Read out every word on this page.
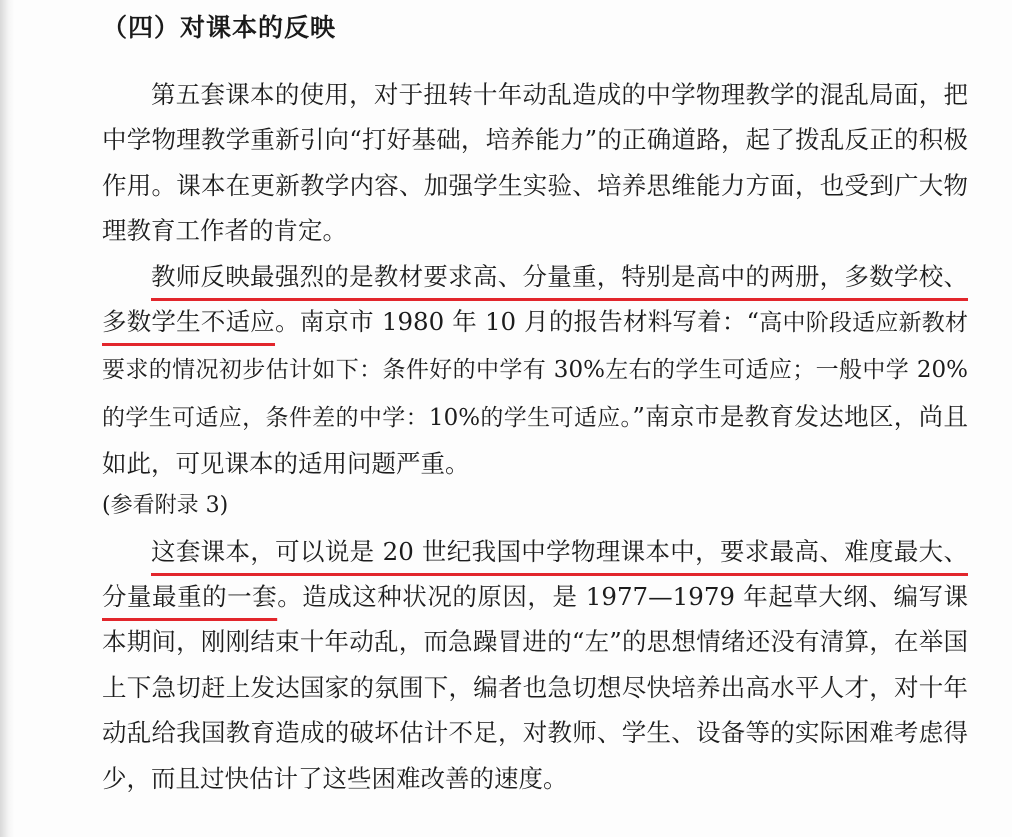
（四）对课本的反映

第五套课本的使用，对于扭转十年动乱造成的中学物理教学的混乱局面，把中学物理教学重新引向“打好基础，培养能力”的正确道路，起了拨乱反正的积极作用。课本在更新教学内容、加强学生实验、培养思维能力方面，也受到广大物理教育工作者的肯定。

教师反映最强烈的是教材要求高、分量重，特别是高中的两册，多数学校、多数学生不适应。南京市 1980 年 10 月的报告材料写着：“高中阶段适应新教材要求的情况初步估计如下：条件好的中学有 30%左右的学生可适应；一般中学 20%的学生可适应，条件差的中学：10%的学生可适应。”南京市是教育发达地区，尚且如此，可见课本的适用问题严重。

(参看附录 3)

这套课本，可以说是 20 世纪我国中学物理课本中，要求最高、难度最大、分量最重的一套。造成这种状况的原因，是 1977—1979 年起草大纲、编写课本期间，刚刚结束十年动乱，而急躁冒进的“左”的思想情绪还没有清算，在举国上下急切赶上发达国家的氛围下，编者也急切想尽快培养出高水平人才，对十年动乱给我国教育造成的破坏估计不足，对教师、学生、设备等的实际困难考虑得少，而且过快估计了这些困难改善的速度。
